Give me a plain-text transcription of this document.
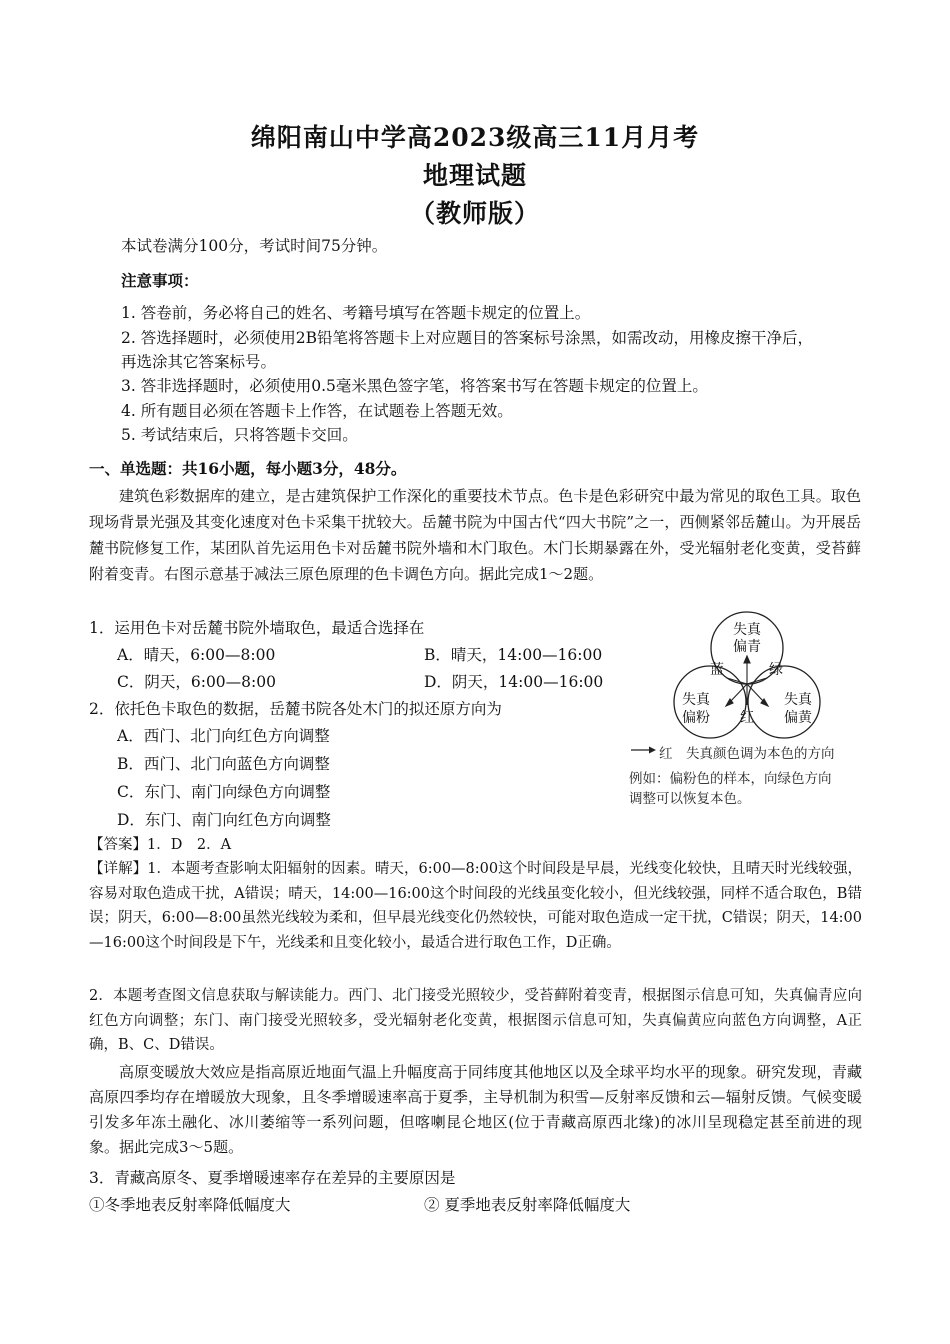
绵阳南山中学高2023级高三11月月考
地理试题
（教师版）
本试卷满分100分，考试时间75分钟。
注意事项：
1. 答卷前，务必将自己的姓名、考籍号填写在答题卡规定的位置上。
2. 答选择题时，必须使用2B铅笔将答题卡上对应题目的答案标号涂黑，如需改动，用橡皮擦干净后，
再选涂其它答案标号。
3. 答非选择题时，必须使用0.5毫米黑色签字笔，将答案书写在答题卡规定的位置上。
4. 所有题目必须在答题卡上作答，在试题卷上答题无效。
5. 考试结束后，只将答题卡交回。
一、单选题：共16小题，每小题3分，48分。
建筑色彩数据库的建立，是古建筑保护工作深化的重要技术节点。色卡是色彩研究中最为常见的取色工具。取色现场背景光强及其变化速度对色卡采集干扰较大。岳麓书院为中国古代“四大书院”之一，西侧紧邻岳麓山。为开展岳麓书院修复工作，某团队首先运用色卡对岳麓书院外墙和木门取色。木门长期暴露在外，受光辐射老化变黄，受苔藓附着变青。右图示意基于减法三原色原理的色卡调色方向。据此完成1～2题。
1．运用色卡对岳麓书院外墙取色，最适合选择在
A．晴天，6:00—8:00	B．晴天，14:00—16:00
C．阴天，6:00—8:00	D．阴天，14:00—16:00
2．依托色卡取色的数据，岳麓书院各处木门的拟还原方向为
A．西门、北门向红色方向调整
B．西门、北门向蓝色方向调整
C．东门、南门向绿色方向调整
D．东门、南门向红色方向调整
失真
偏青
失真
偏粉
失真
偏黄
蓝	绿
红
红 失真颜色调为本色的方向
例如：偏粉色的样本，向绿色方向
调整可以恢复本色。
【答案】1．D　2．A
【详解】1．本题考查影响太阳辐射的因素。晴天，6:00—8:00这个时间段是早晨，光线变化较快，且晴天时光线较强，容易对取色造成干扰，A错误；晴天，14:00—16:00这个时间段的光线虽变化较小，但光线较强，同样不适合取色，B错误；阴天，6:00—8:00虽然光线较为柔和，但早晨光线变化仍然较快，可能对取色造成一定干扰，C错误；阴天，14:00—16:00这个时间段是下午，光线柔和且变化较小，最适合进行取色工作，D正确。
2．本题考查图文信息获取与解读能力。西门、北门接受光照较少，受苔藓附着变青，根据图示信息可知，失真偏青应向红色方向调整；东门、南门接受光照较多，受光辐射老化变黄，根据图示信息可知，失真偏黄应向蓝色方向调整，A正确，B、C、D错误。
高原变暖放大效应是指高原近地面气温上升幅度高于同纬度其他地区以及全球平均水平的现象。研究发现，青藏高原四季均存在增暖放大现象，且冬季增暖速率高于夏季，主导机制为积雪—反射率反馈和云—辐射反馈。气候变暖引发多年冻土融化、冰川萎缩等一系列问题，但喀喇昆仑地区(位于青藏高原西北缘)的冰川呈现稳定甚至前进的现象。据此完成3～5题。
3．青藏高原冬、夏季增暖速率存在差异的主要原因是
①冬季地表反射率降低幅度大	② 夏季地表反射率降低幅度大
